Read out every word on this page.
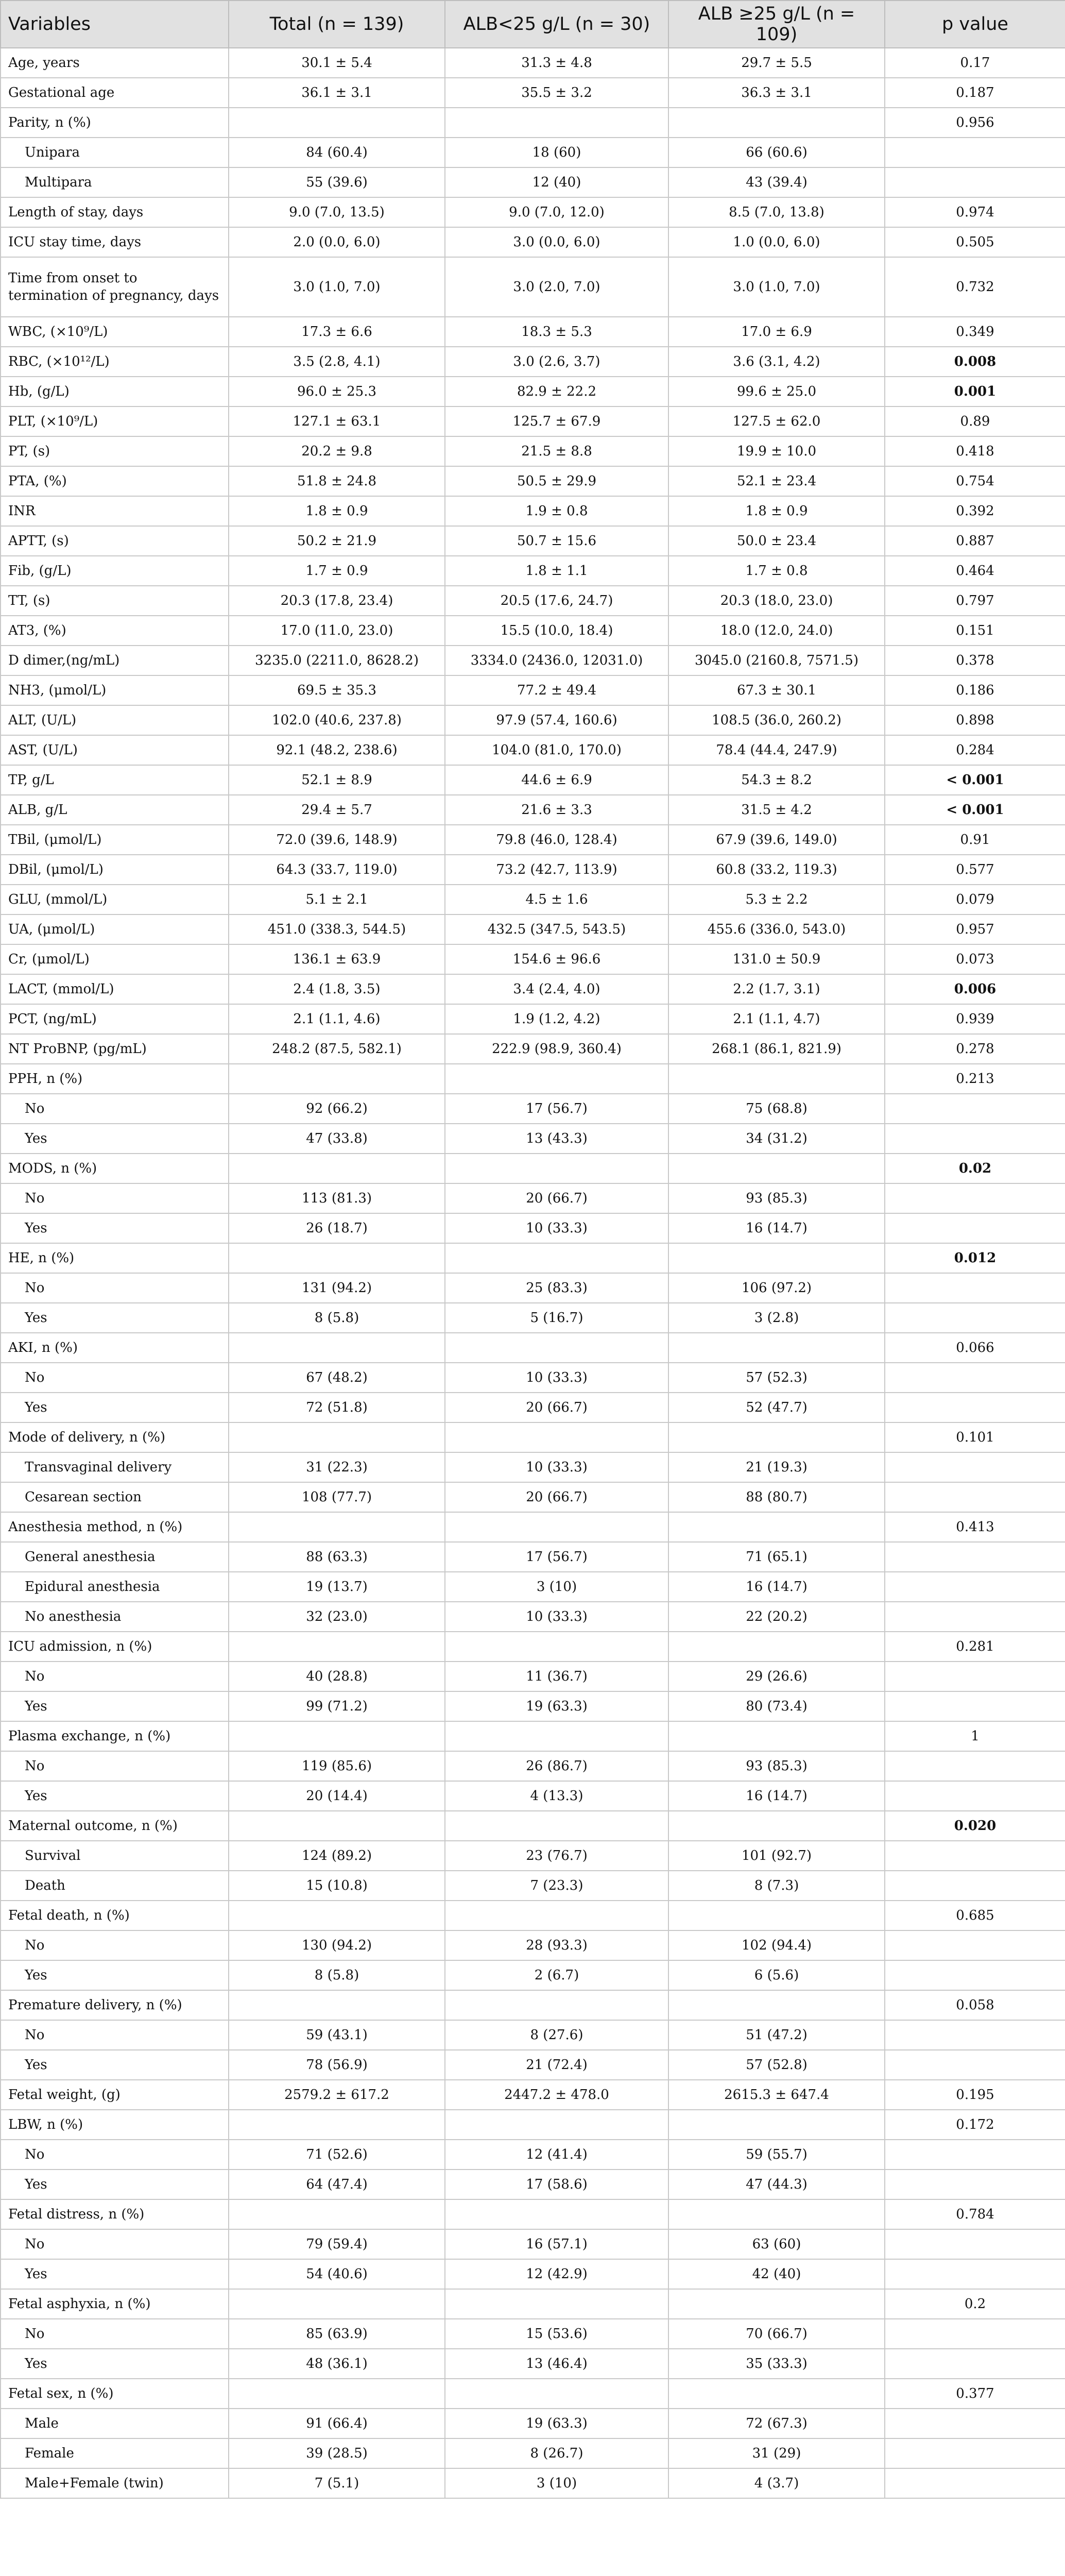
Variables	Total (n = 139)	ALB<25 g/L (n = 30)	ALB ≥25 g/L (n = 109)	p value
Age, years	30.1 ± 5.4	31.3 ± 4.8	29.7 ± 5.5	0.17
Gestational age	36.1 ± 3.1	35.5 ± 3.2	36.3 ± 3.1	0.187
Parity, n (%)				0.956
Unipara	84 (60.4)	18 (60)	66 (60.6)	
Multipara	55 (39.6)	12 (40)	43 (39.4)	
Length of stay, days	9.0 (7.0, 13.5)	9.0 (7.0, 12.0)	8.5 (7.0, 13.8)	0.974
ICU stay time, days	2.0 (0.0, 6.0)	3.0 (0.0, 6.0)	1.0 (0.0, 6.0)	0.505
Time from onset to termination of pregnancy, days	3.0 (1.0, 7.0)	3.0 (2.0, 7.0)	3.0 (1.0, 7.0)	0.732
WBC, (×10⁹/L)	17.3 ± 6.6	18.3 ± 5.3	17.0 ± 6.9	0.349
RBC, (×10¹²/L)	3.5 (2.8, 4.1)	3.0 (2.6, 3.7)	3.6 (3.1, 4.2)	0.008
Hb, (g/L)	96.0 ± 25.3	82.9 ± 22.2	99.6 ± 25.0	0.001
PLT, (×10⁹/L)	127.1 ± 63.1	125.7 ± 67.9	127.5 ± 62.0	0.89
PT, (s)	20.2 ± 9.8	21.5 ± 8.8	19.9 ± 10.0	0.418
PTA, (%)	51.8 ± 24.8	50.5 ± 29.9	52.1 ± 23.4	0.754
INR	1.8 ± 0.9	1.9 ± 0.8	1.8 ± 0.9	0.392
APTT, (s)	50.2 ± 21.9	50.7 ± 15.6	50.0 ± 23.4	0.887
Fib, (g/L)	1.7 ± 0.9	1.8 ± 1.1	1.7 ± 0.8	0.464
TT, (s)	20.3 (17.8, 23.4)	20.5 (17.6, 24.7)	20.3 (18.0, 23.0)	0.797
AT3, (%)	17.0 (11.0, 23.0)	15.5 (10.0, 18.4)	18.0 (12.0, 24.0)	0.151
D dimer,(ng/mL)	3235.0 (2211.0, 8628.2)	3334.0 (2436.0, 12031.0)	3045.0 (2160.8, 7571.5)	0.378
NH3, (μmol/L)	69.5 ± 35.3	77.2 ± 49.4	67.3 ± 30.1	0.186
ALT, (U/L)	102.0 (40.6, 237.8)	97.9 (57.4, 160.6)	108.5 (36.0, 260.2)	0.898
AST, (U/L)	92.1 (48.2, 238.6)	104.0 (81.0, 170.0)	78.4 (44.4, 247.9)	0.284
TP, g/L	52.1 ± 8.9	44.6 ± 6.9	54.3 ± 8.2	< 0.001
ALB, g/L	29.4 ± 5.7	21.6 ± 3.3	31.5 ± 4.2	< 0.001
TBil, (μmol/L)	72.0 (39.6, 148.9)	79.8 (46.0, 128.4)	67.9 (39.6, 149.0)	0.91
DBil, (μmol/L)	64.3 (33.7, 119.0)	73.2 (42.7, 113.9)	60.8 (33.2, 119.3)	0.577
GLU, (mmol/L)	5.1 ± 2.1	4.5 ± 1.6	5.3 ± 2.2	0.079
UA, (μmol/L)	451.0 (338.3, 544.5)	432.5 (347.5, 543.5)	455.6 (336.0, 543.0)	0.957
Cr, (μmol/L)	136.1 ± 63.9	154.6 ± 96.6	131.0 ± 50.9	0.073
LACT, (mmol/L)	2.4 (1.8, 3.5)	3.4 (2.4, 4.0)	2.2 (1.7, 3.1)	0.006
PCT, (ng/mL)	2.1 (1.1, 4.6)	1.9 (1.2, 4.2)	2.1 (1.1, 4.7)	0.939
NT ProBNP, (pg/mL)	248.2 (87.5, 582.1)	222.9 (98.9, 360.4)	268.1 (86.1, 821.9)	0.278
PPH, n (%)				0.213
No	92 (66.2)	17 (56.7)	75 (68.8)	
Yes	47 (33.8)	13 (43.3)	34 (31.2)	
MODS, n (%)				0.02
No	113 (81.3)	20 (66.7)	93 (85.3)	
Yes	26 (18.7)	10 (33.3)	16 (14.7)	
HE, n (%)				0.012
No	131 (94.2)	25 (83.3)	106 (97.2)	
Yes	8 (5.8)	5 (16.7)	3 (2.8)	
AKI, n (%)				0.066
No	67 (48.2)	10 (33.3)	57 (52.3)	
Yes	72 (51.8)	20 (66.7)	52 (47.7)	
Mode of delivery, n (%)				0.101
Transvaginal delivery	31 (22.3)	10 (33.3)	21 (19.3)	
Cesarean section	108 (77.7)	20 (66.7)	88 (80.7)	
Anesthesia method, n (%)				0.413
General anesthesia	88 (63.3)	17 (56.7)	71 (65.1)	
Epidural anesthesia	19 (13.7)	3 (10)	16 (14.7)	
No anesthesia	32 (23.0)	10 (33.3)	22 (20.2)	
ICU admission, n (%)				0.281
No	40 (28.8)	11 (36.7)	29 (26.6)	
Yes	99 (71.2)	19 (63.3)	80 (73.4)	
Plasma exchange, n (%)				1
No	119 (85.6)	26 (86.7)	93 (85.3)	
Yes	20 (14.4)	4 (13.3)	16 (14.7)	
Maternal outcome, n (%)				0.020
Survival	124 (89.2)	23 (76.7)	101 (92.7)	
Death	15 (10.8)	7 (23.3)	8 (7.3)	
Fetal death, n (%)				0.685
No	130 (94.2)	28 (93.3)	102 (94.4)	
Yes	8 (5.8)	2 (6.7)	6 (5.6)	
Premature delivery, n (%)				0.058
No	59 (43.1)	8 (27.6)	51 (47.2)	
Yes	78 (56.9)	21 (72.4)	57 (52.8)	
Fetal weight, (g)	2579.2 ± 617.2	2447.2 ± 478.0	2615.3 ± 647.4	0.195
LBW, n (%)				0.172
No	71 (52.6)	12 (41.4)	59 (55.7)	
Yes	64 (47.4)	17 (58.6)	47 (44.3)	
Fetal distress, n (%)				0.784
No	79 (59.4)	16 (57.1)	63 (60)	
Yes	54 (40.6)	12 (42.9)	42 (40)	
Fetal asphyxia, n (%)				0.2
No	85 (63.9)	15 (53.6)	70 (66.7)	
Yes	48 (36.1)	13 (46.4)	35 (33.3)	
Fetal sex, n (%)				0.377
Male	91 (66.4)	19 (63.3)	72 (67.3)	
Female	39 (28.5)	8 (26.7)	31 (29)	
Male+Female (twin)	7 (5.1)	3 (10)	4 (3.7)	
